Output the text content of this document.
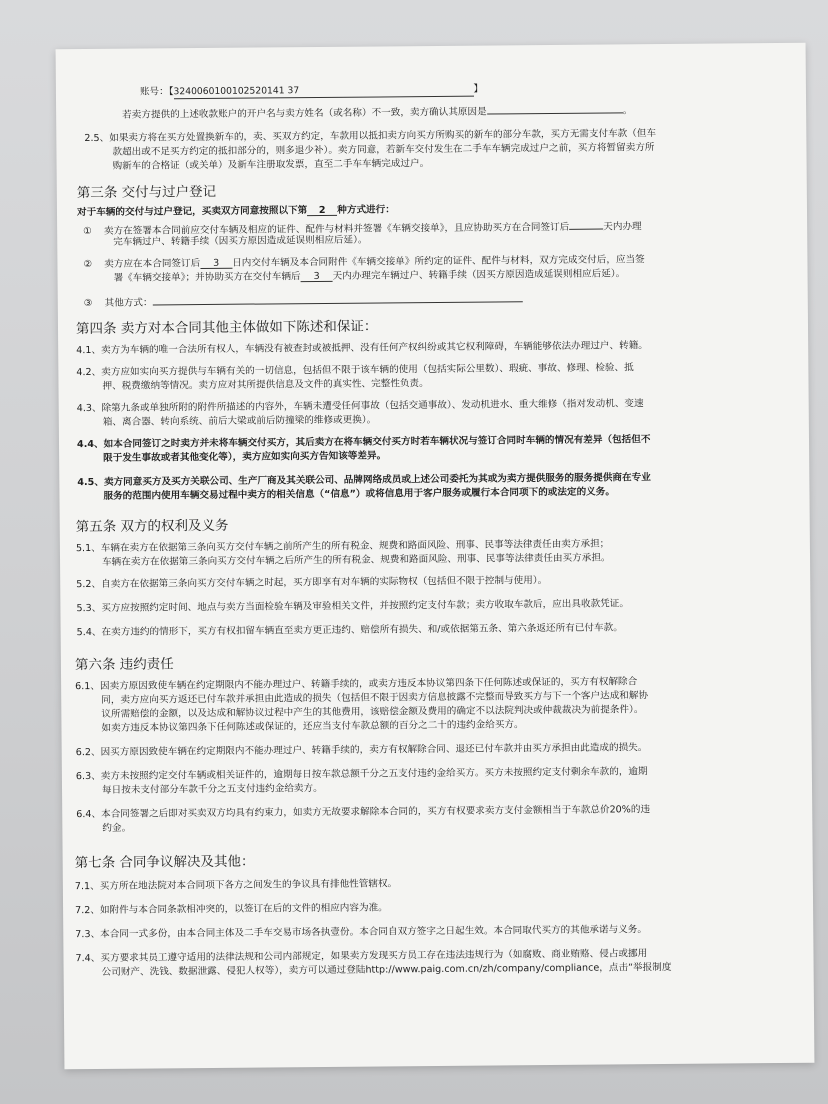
账号：【3240060100102520141 37	】
若卖方提供的上述收款账户的开户名与卖方姓名（或名称）不一致，卖方确认其原因是	。
2.5、如果卖方将在买方处置换新车的，卖、买双方约定，车款用以抵扣卖方向买方所购买的新车的部分车款，买方无需支付车款（但车
款超出或不足买方约定的抵扣部分的，则多退少补）。卖方同意，若新车交付发生在二手车车辆完成过户之前，买方将暂留卖方所
购新车的合格证（或关单）及新车注册取发票，直至二手车车辆完成过户。
第三条 交付与过户登记
对于车辆的交付与过户登记，买卖双方同意按照以下第 2 种方式进行：
① 卖方在签署本合同前应交付车辆及相应的证件、配件与材料并签署《车辆交接单》，且应协助买方在合同签订后	天内办理
完车辆过户、转籍手续（因买方原因造成延误则相应后延）。
② 卖方应在本合同签订后 3 日内交付车辆及本合同附件《车辆交接单》所约定的证件、配件与材料，双方完成交付后，应当签
署《车辆交接单》；并协助买方在交付车辆后 3 天内办理完车辆过户、转籍手续（因买方原因造成延误则相应后延）。
③ 其他方式：
第四条 卖方对本合同其他主体做如下陈述和保证：
4.1、卖方为车辆的唯一合法所有权人，车辆没有被查封或被抵押、没有任何产权纠纷或其它权利障碍，车辆能够依法办理过户、转籍。
4.2、卖方应如实向买方提供与车辆有关的一切信息，包括但不限于该车辆的使用（包括实际公里数）、瑕疵、事故、修理、检验、抵
押、税费缴纳等情况。卖方应对其所提供信息及文件的真实性、完整性负责。
4.3、除第九条或单独所附的附件所描述的内容外，车辆未遭受任何事故（包括交通事故）、发动机进水、重大维修（指对发动机、变速
箱、离合器、转向系统、前后大梁或前后防撞梁的维修或更换）。
4.4、如本合同签订之时卖方并未将车辆交付买方，其后卖方在将车辆交付买方时若车辆状况与签订合同时车辆的情况有差异（包括但不
限于发生事故或者其他变化等），卖方应如实向买方告知该等差异。
4.5、卖方同意买方及买方关联公司、生产厂商及其关联公司、品牌网络成员或上述公司委托为其或为卖方提供服务的服务提供商在专业
服务的范围内使用车辆交易过程中卖方的相关信息（“信息”）或将信息用于客户服务或履行本合同项下的或法定的义务。
第五条 双方的权利及义务
5.1、车辆在卖方在依据第三条向买方交付车辆之前所产生的所有税金、规费和路面风险、刑事、民事等法律责任由卖方承担；
车辆在卖方在依据第三条向买方交付车辆之后所产生的所有税金、规费和路面风险、刑事、民事等法律责任由买方承担。
5.2、自卖方在依据第三条向买方交付车辆之时起，买方即享有对车辆的实际物权（包括但不限于控制与使用）。
5.3、买方应按照约定时间、地点与卖方当面检验车辆及审验相关文件，并按照约定支付车款；卖方收取车款后，应出具收款凭证。
5.4、在卖方违约的情形下，买方有权扣留车辆直至卖方更正违约、赔偿所有损失、和/或依据第五条、第六条返还所有已付车款。
第六条 违约责任
6.1、因卖方原因致使车辆在约定期限内不能办理过户、转籍手续的，或卖方违反本协议第四条下任何陈述或保证的，买方有权解除合
同，卖方应向买方返还已付车款并承担由此造成的损失（包括但不限于因卖方信息披露不完整而导致买方与下一个客户达成和解协
议所需赔偿的金额，以及达成和解协议过程中产生的其他费用，该赔偿金额及费用的确定不以法院判决或仲裁裁决为前提条件）。
如卖方违反本协议第四条下任何陈述或保证的，还应当支付车款总额的百分之二十的违约金给买方。
6.2、因买方原因致使车辆在约定期限内不能办理过户、转籍手续的，卖方有权解除合同、退还已付车款并由买方承担由此造成的损失。
6.3、卖方未按照约定交付车辆或相关证件的，逾期每日按车款总额千分之五支付违约金给买方。买方未按照约定支付剩余车款的，逾期
每日按未支付部分车款千分之五支付违约金给卖方。
6.4、本合同签署之后即对买卖双方均具有约束力，如卖方无故要求解除本合同的，买方有权要求卖方支付金额相当于车款总价20%的违
约金。
第七条 合同争议解决及其他：
7.1、买方所在地法院对本合同项下各方之间发生的争议具有排他性管辖权。
7.2、如附件与本合同条款相冲突的，以签订在后的文件的相应内容为准。
7.3、本合同一式多份，由本合同主体及二手车交易市场各执壹份。本合同自双方签字之日起生效。本合同取代买方的其他承诺与义务。
7.4、买方要求其员工遵守适用的法律法规和公司内部规定，如果卖方发现买方员工存在违法违规行为（如腐败、商业贿赂、侵占或挪用
公司财产、洗钱、数据泄露、侵犯人权等），卖方可以通过登陆http://www.paig.com.cn/zh/company/compliance，点击“举报制度
